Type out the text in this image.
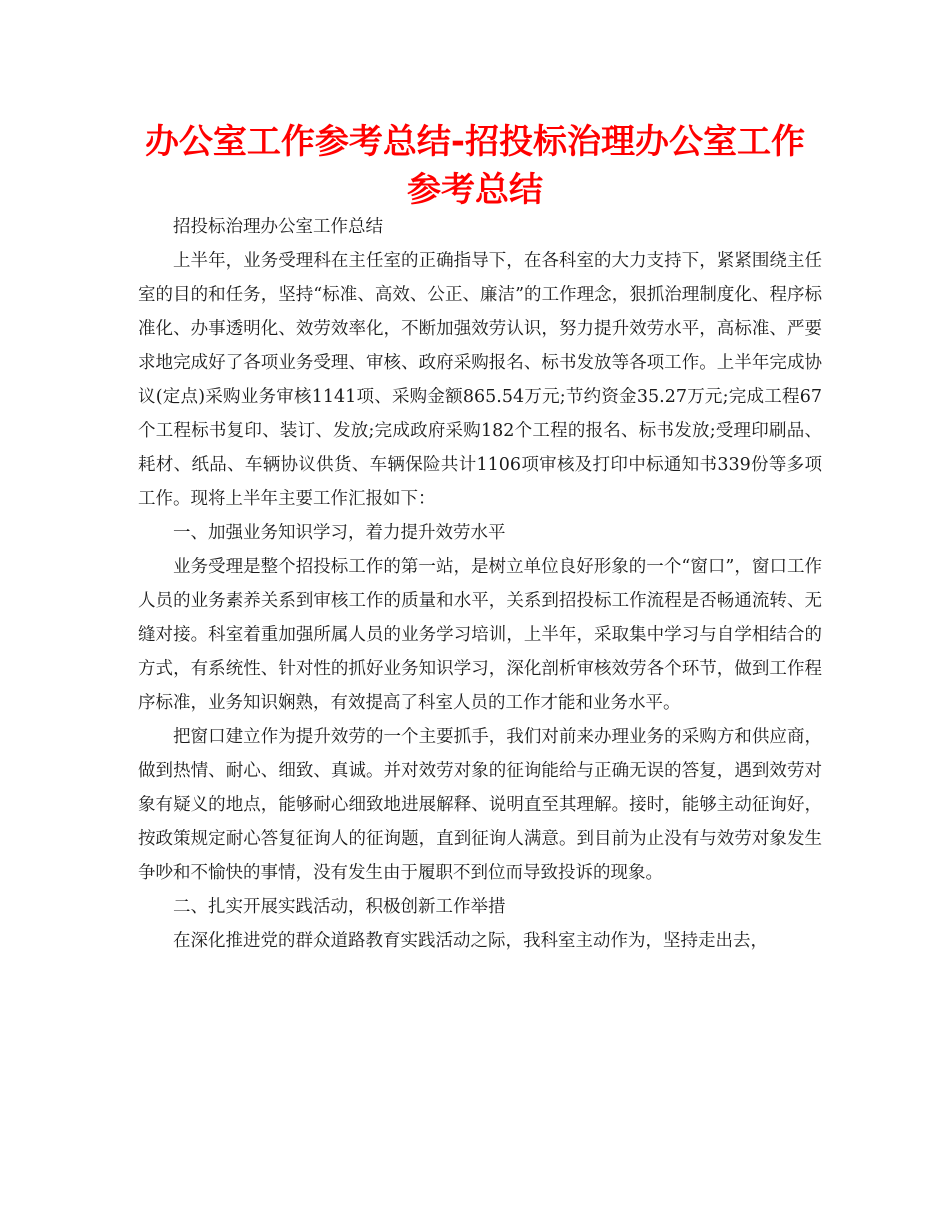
办公室工作参考总结-招投标治理办公室工作参考总结

招投标治理办公室工作总结

上半年，业务受理科在主任室的正确指导下，在各科室的大力支持下，紧紧围绕主任室的目的和任务，坚持“标准、高效、公正、廉洁”的工作理念，狠抓治理制度化、程序标准化、办事透明化、效劳效率化，不断加强效劳认识，努力提升效劳水平，高标准、严要求地完成好了各项业务受理、审核、政府采购报名、标书发放等各项工作。上半年完成协议(定点)采购业务审核1141项、采购金额865.54万元;节约资金35.27万元;完成工程67个工程标书复印、装订、发放;完成政府采购182个工程的报名、标书发放;受理印刷品、耗材、纸品、车辆协议供货、车辆保险共计1106项审核及打印中标通知书339份等多项工作。现将上半年主要工作汇报如下：

一、加强业务知识学习，着力提升效劳水平

业务受理是整个招投标工作的第一站，是树立单位良好形象的一个“窗口”，窗口工作人员的业务素养关系到审核工作的质量和水平，关系到招投标工作流程是否畅通流转、无缝对接。科室着重加强所属人员的业务学习培训，上半年，采取集中学习与自学相结合的方式，有系统性、针对性的抓好业务知识学习，深化剖析审核效劳各个环节，做到工作程序标准，业务知识娴熟，有效提高了科室人员的工作才能和业务水平。

把窗口建立作为提升效劳的一个主要抓手，我们对前来办理业务的采购方和供应商，做到热情、耐心、细致、真诚。并对效劳对象的征询能给与正确无误的答复，遇到效劳对象有疑义的地点，能够耐心细致地进展解释、说明直至其理解。接时，能够主动征询好，按政策规定耐心答复征询人的征询题，直到征询人满意。到目前为止没有与效劳对象发生争吵和不愉快的事情，没有发生由于履职不到位而导致投诉的现象。

二、扎实开展实践活动，积极创新工作举措

在深化推进党的群众道路教育实践活动之际，我科室主动作为，坚持走出去，
